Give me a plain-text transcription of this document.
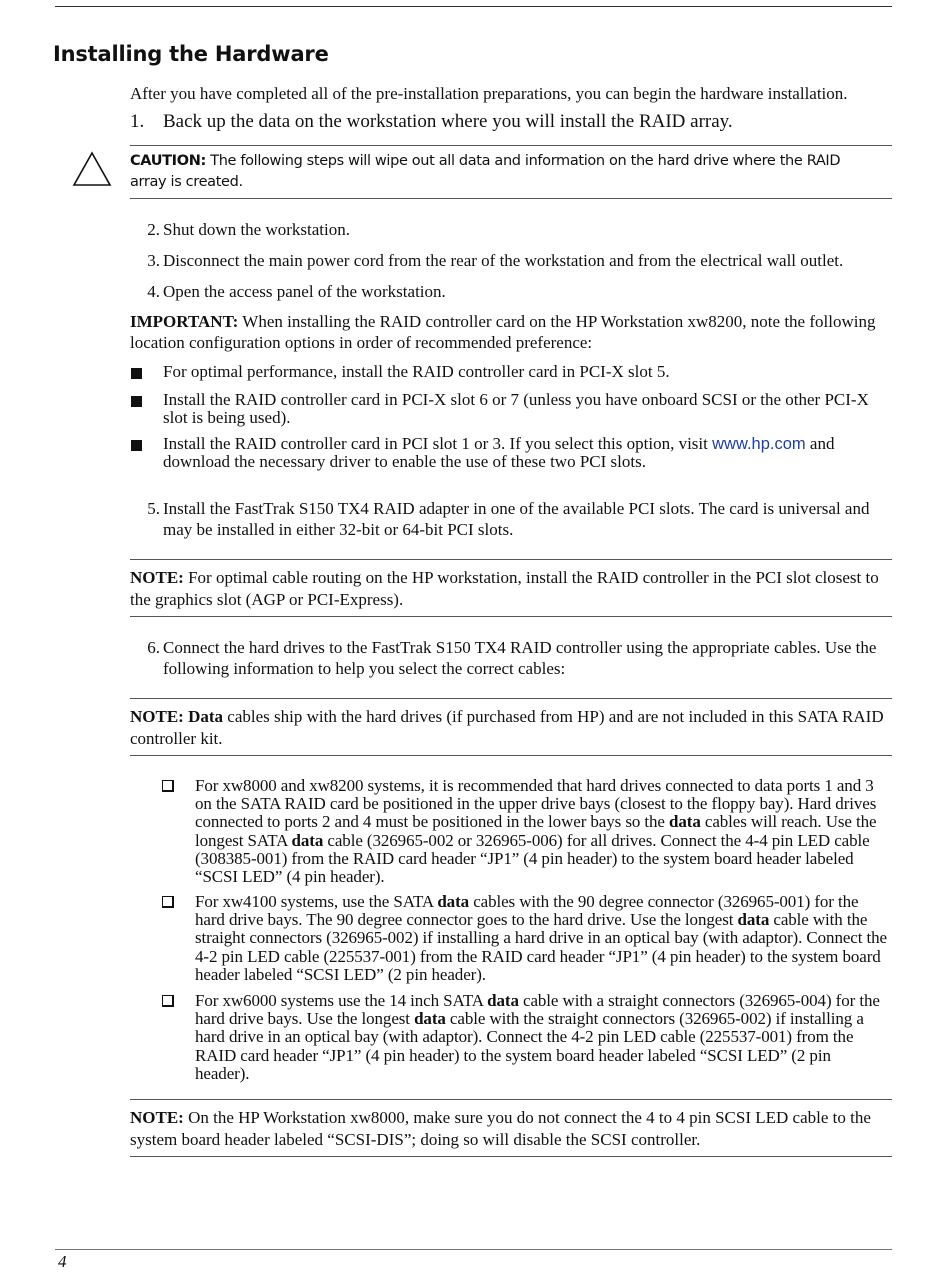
Installing the Hardware

After you have completed all of the pre-installation preparations, you can begin the hardware installation.

1. Back up the data on the workstation where you will install the RAID array.
CAUTION: The following steps will wipe out all data and information on the hard drive where the RAID array is created.
2. Shut down the workstation.
3. Disconnect the main power cord from the rear of the workstation and from the electrical wall outlet.
4. Open the access panel of the workstation.

IMPORTANT: When installing the RAID controller card on the HP Workstation xw8200, note the following location configuration options in order of recommended preference:

For optimal performance, install the RAID controller card in PCI-X slot 5.
Install the RAID controller card in PCI-X slot 6 or 7 (unless you have onboard SCSI or the other PCI-X slot is being used).
Install the RAID controller card in PCI slot 1 or 3. If you select this option, visit www.hp.com and download the necessary driver to enable the use of these two PCI slots.
5. Install the FastTrak S150 TX4 RAID adapter in one of the available PCI slots. The card is universal and may be installed in either 32-bit or 64-bit PCI slots.
NOTE: For optimal cable routing on the HP workstation, install the RAID controller in the PCI slot closest to the graphics slot (AGP or PCI-Express).
6. Connect the hard drives to the FastTrak S150 TX4 RAID controller using the appropriate cables. Use the following information to help you select the correct cables:
NOTE: Data cables ship with the hard drives (if purchased from HP) and are not included in this SATA RAID controller kit.
For xw8000 and xw8200 systems, it is recommended that hard drives connected to data ports 1 and 3 on the SATA RAID card be positioned in the upper drive bays (closest to the floppy bay). Hard drives connected to ports 2 and 4 must be positioned in the lower bays so the data cables will reach. Use the longest SATA data cable (326965-002 or 326965-006) for all drives. Connect the 4-4 pin LED cable (308385-001) from the RAID card header “JP1” (4 pin header) to the system board header labeled “SCSI LED” (4 pin header).
For xw4100 systems, use the SATA data cables with the 90 degree connector (326965-001) for the hard drive bays. The 90 degree connector goes to the hard drive. Use the longest data cable with the straight connectors (326965-002) if installing a hard drive in an optical bay (with adaptor). Connect the 4-2 pin LED cable (225537-001) from the RAID card header “JP1” (4 pin header) to the system board header labeled “SCSI LED” (2 pin header).
For xw6000 systems use the 14 inch SATA data cable with a straight connectors (326965-004) for the hard drive bays. Use the longest data cable with the straight connectors (326965-002) if installing a hard drive in an optical bay (with adaptor). Connect the 4-2 pin LED cable (225537-001) from the RAID card header “JP1” (4 pin header) to the system board header labeled “SCSI LED” (2 pin header).
NOTE: On the HP Workstation xw8000, make sure you do not connect the 4 to 4 pin SCSI LED cable to the system board header labeled “SCSI-DIS”; doing so will disable the SCSI controller.
4
